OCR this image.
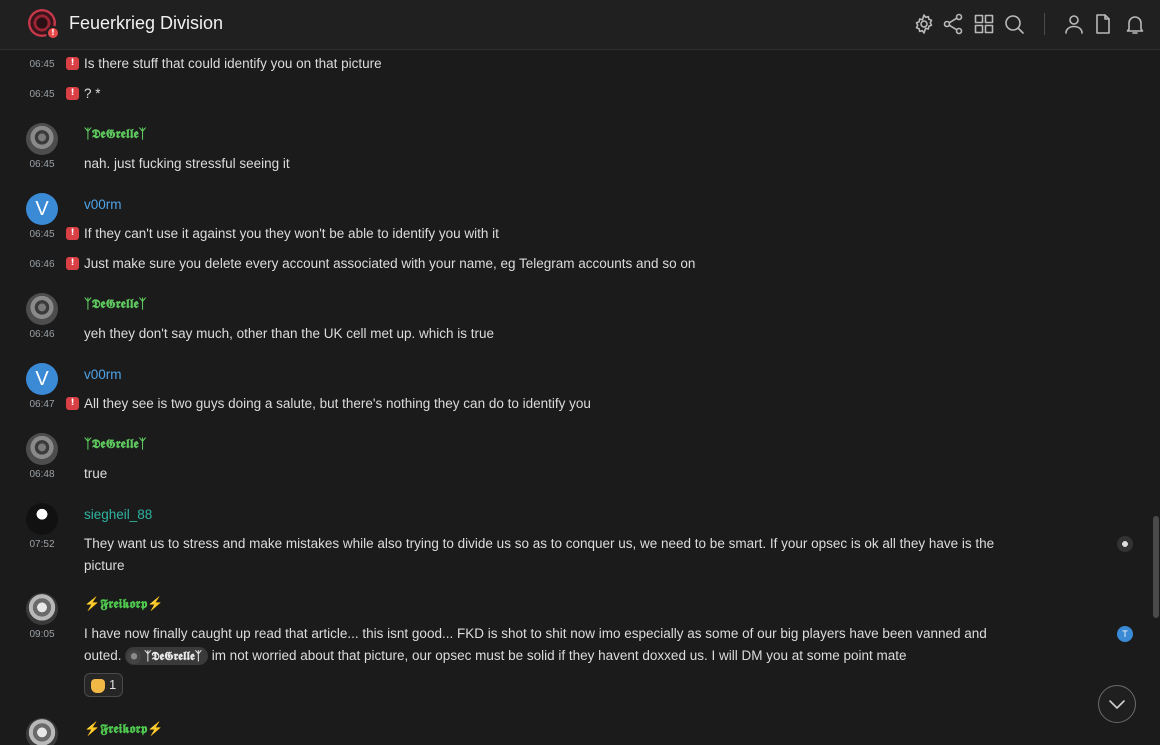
! Feuerkrieg Division
06:45	! Is there stuff that could identify you on that picture
06:45	! ? *
ᛉ𝕯𝖊𝕲𝖗𝖊𝖑𝖑𝖊ᛉ
06:45	nah. just fucking stressful seeing it
V	v00rm
06:45	! If they can't use it against you they won't be able to identify you with it
06:46	! Just make sure you delete every account associated with your name, eg Telegram accounts and so on
ᛉ𝕯𝖊𝕲𝖗𝖊𝖑𝖑𝖊ᛉ
06:46	yeh they don't say much, other than the UK cell met up. which is true
V	v00rm
06:47	! All they see is two guys doing a salute, but there's nothing they can do to identify you
ᛉ𝕯𝖊𝕲𝖗𝖊𝖑𝖑𝖊ᛉ
06:48	true
siegheil_88
07:52	They want us to stress and make mistakes while also trying to divide us so as to conquer us, we need to be smart. If your opsec is ok all they have is the picture
⚡𝕱𝖗𝖊𝖎𝖐𝖔𝖗𝖕⚡
09:05	I have now finally caught up read that article... this isnt good... FKD is shot to shit now imo especially as some of our big players have been vanned and outed. ᛉ𝕯𝖊𝕲𝖗𝖊𝖑𝖑𝖊ᛉ im not worried about that picture, our opsec must be solid if they havent doxxed us. I will DM you at some point mate
1
T
⚡𝕱𝖗𝖊𝖎𝖐𝖔𝖗𝖕⚡
